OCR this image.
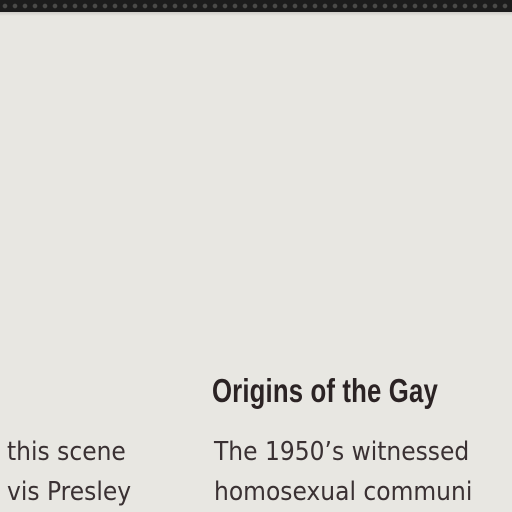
Origins of the Gay
this scene
vis Presley
The 1950’s witnessed
homosexual communi
